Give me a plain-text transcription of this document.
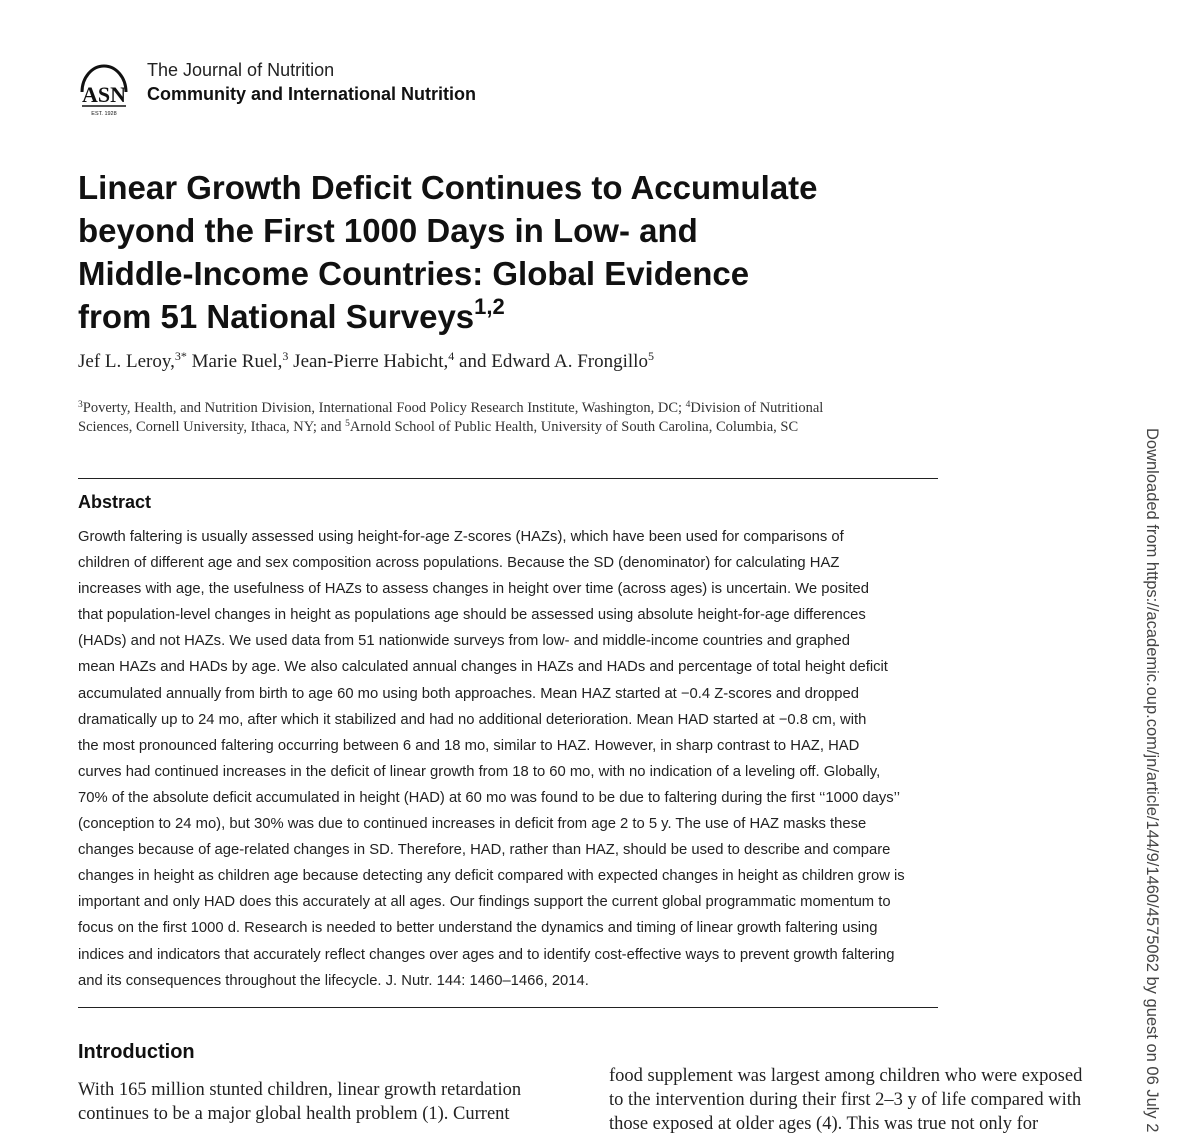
ASN
EST. 1928
The Journal of Nutrition
Community and International Nutrition
Linear Growth Deficit Continues to Accumulate
beyond the First 1000 Days in Low- and
Middle-Income Countries: Global Evidence
from 51 National Surveys$^{1,2}$
Jef L. Leroy,$^{3*}$ Marie Ruel,$^3$ Jean-Pierre Habicht,$^4$ and Edward A. Frongillo$^5$
$^3$Poverty, Health, and Nutrition Division, International Food Policy Research Institute, Washington, DC; $^4$Division of Nutritional
Sciences, Cornell University, Ithaca, NY; and $^5$Arnold School of Public Health, University of South Carolina, Columbia, SC
Abstract
Growth faltering is usually assessed using height-for-age Z-scores (HAZs), which have been used for comparisons of
children of different age and sex composition across populations. Because the SD (denominator) for calculating HAZ
increases with age, the usefulness of HAZs to assess changes in height over time (across ages) is uncertain. We posited
that population-level changes in height as populations age should be assessed using absolute height-for-age differences
(HADs) and not HAZs. We used data from 51 nationwide surveys from low- and middle-income countries and graphed
mean HAZs and HADs by age. We also calculated annual changes in HAZs and HADs and percentage of total height deficit
accumulated annually from birth to age 60 mo using both approaches. Mean HAZ started at −0.4 Z-scores and dropped
dramatically up to 24 mo, after which it stabilized and had no additional deterioration. Mean HAD started at −0.8 cm, with
the most pronounced faltering occurring between 6 and 18 mo, similar to HAZ. However, in sharp contrast to HAZ, HAD
curves had continued increases in the deficit of linear growth from 18 to 60 mo, with no indication of a leveling off. Globally,
70% of the absolute deficit accumulated in height (HAD) at 60 mo was found to be due to faltering during the first ‘‘1000 days’’
(conception to 24 mo), but 30% was due to continued increases in deficit from age 2 to 5 y. The use of HAZ masks these
changes because of age-related changes in SD. Therefore, HAD, rather than HAZ, should be used to describe and compare
changes in height as children age because detecting any deficit compared with expected changes in height as children grow is
important and only HAD does this accurately at all ages. Our findings support the current global programmatic momentum to
focus on the first 1000 d. Research is needed to better understand the dynamics and timing of linear growth faltering using
indices and indicators that accurately reflect changes over ages and to identify cost-effective ways to prevent growth faltering
and its consequences throughout the lifecycle. J. Nutr. 144: 1460–1466, 2014.
Introduction
With 165 million stunted children, linear growth retardation
continues to be a major global health problem (1). Current
food supplement was largest among children who were exposed
to the intervention during their first 2–3 y of life compared with
those exposed at older ages (4). This was true not only for	Downloaded from https://academic.oup.com/jn/article/144/9/1460/4575062 by guest on 06 July 2
